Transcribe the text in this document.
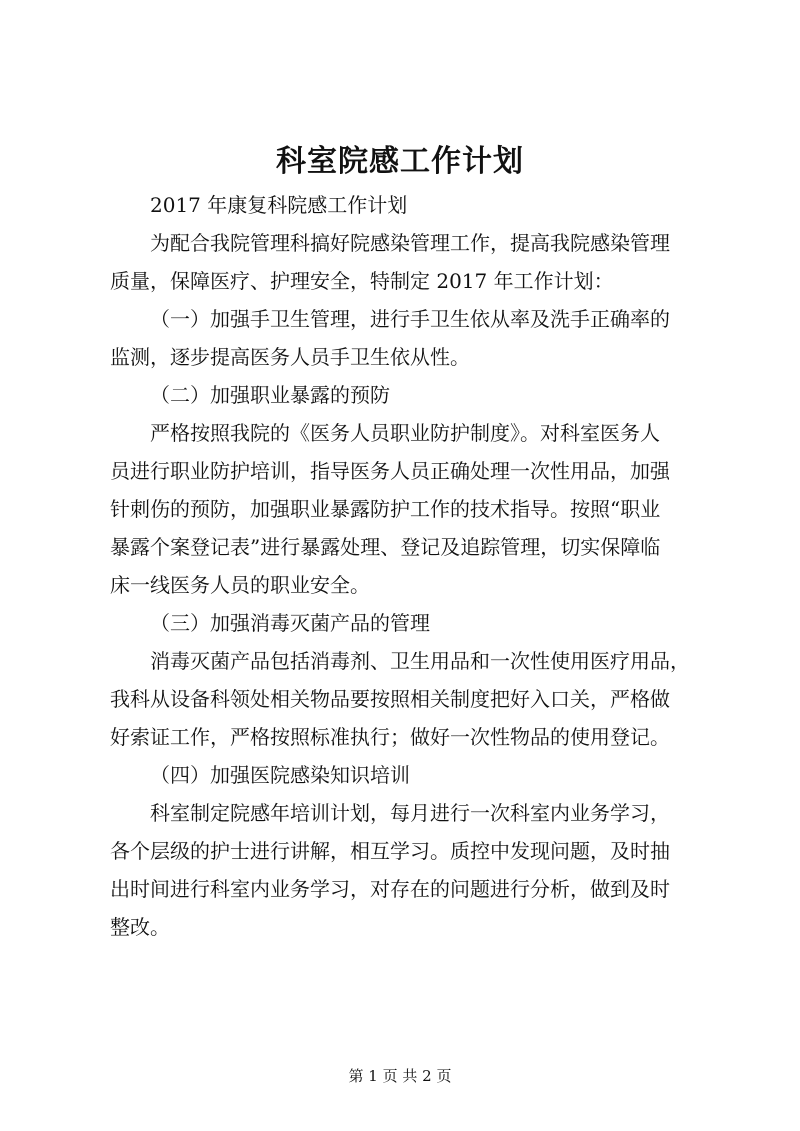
科室院感工作计划

2017 年康复科院感工作计划

为配合我院管理科搞好院感染管理工作，提高我院感染管理

质量，保障医疗、护理安全，特制定 2017 年工作计划：

（一）加强手卫生管理，进行手卫生依从率及洗手正确率的

监测，逐步提高医务人员手卫生依从性。

（二）加强职业暴露的预防

严格按照我院的《医务人员职业防护制度》。对科室医务人

员进行职业防护培训，指导医务人员正确处理一次性用品，加强

针刺伤的预防，加强职业暴露防护工作的技术指导。按照“职业

暴露个案登记表”进行暴露处理、登记及追踪管理，切实保障临

床一线医务人员的职业安全。

（三）加强消毒灭菌产品的管理

消毒灭菌产品包括消毒剂、卫生用品和一次性使用医疗用品，

我科从设备科领处相关物品要按照相关制度把好入口关，严格做

好索证工作，严格按照标准执行；做好一次性物品的使用登记。

（四）加强医院感染知识培训

科室制定院感年培训计划，每月进行一次科室内业务学习，

各个层级的护士进行讲解，相互学习。质控中发现问题，及时抽

出时间进行科室内业务学习，对存在的问题进行分析，做到及时

整改。

第 1 页 共 2 页
